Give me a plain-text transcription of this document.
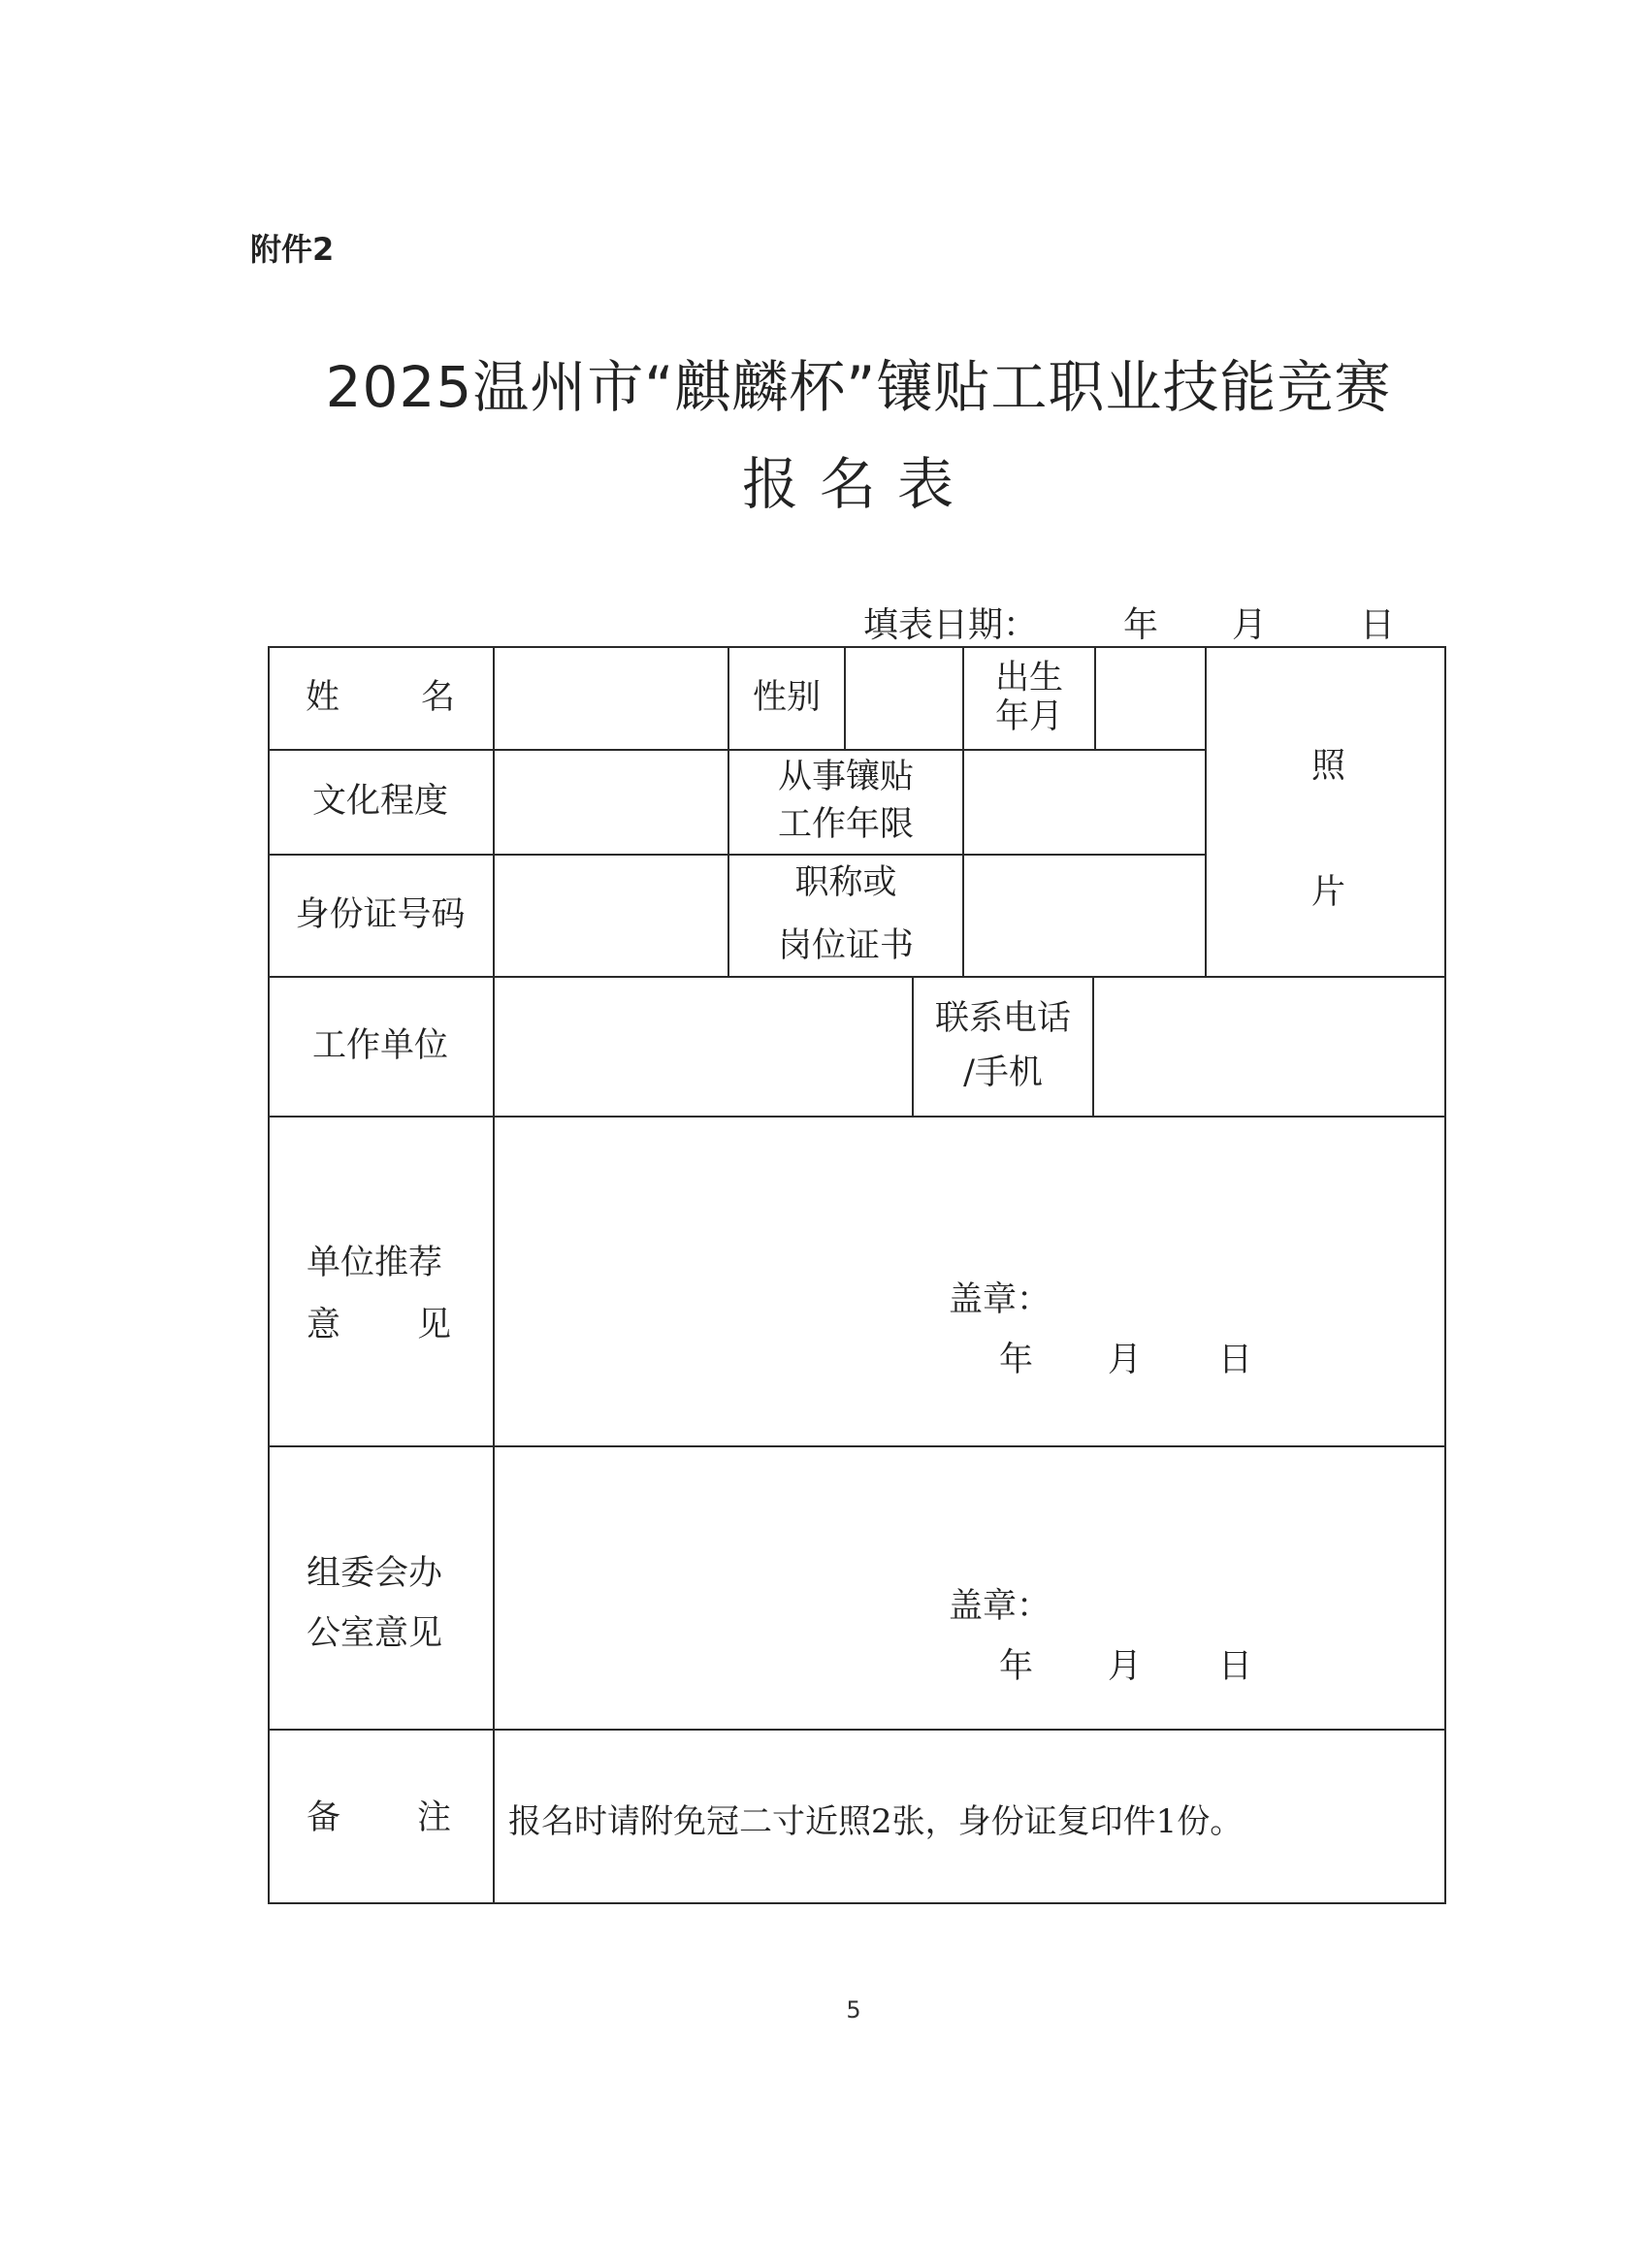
附件2
2025温州市“麒麟杯”镶贴工职业技能竞赛
报名表
填表日期： 年 月	日
姓 名	性别
出生
年月
照
片
文化程度
从事镶贴
工作年限
身份证号码
职称或
岗位证书
工作单位
联系电话
/手机
单位推荐
意 见
盖章：
年 月 日
组委会办
公室意见
盖章：
年 月 日
备 注 报名时请附免冠二寸近照2张，身份证复印件1份。
5
